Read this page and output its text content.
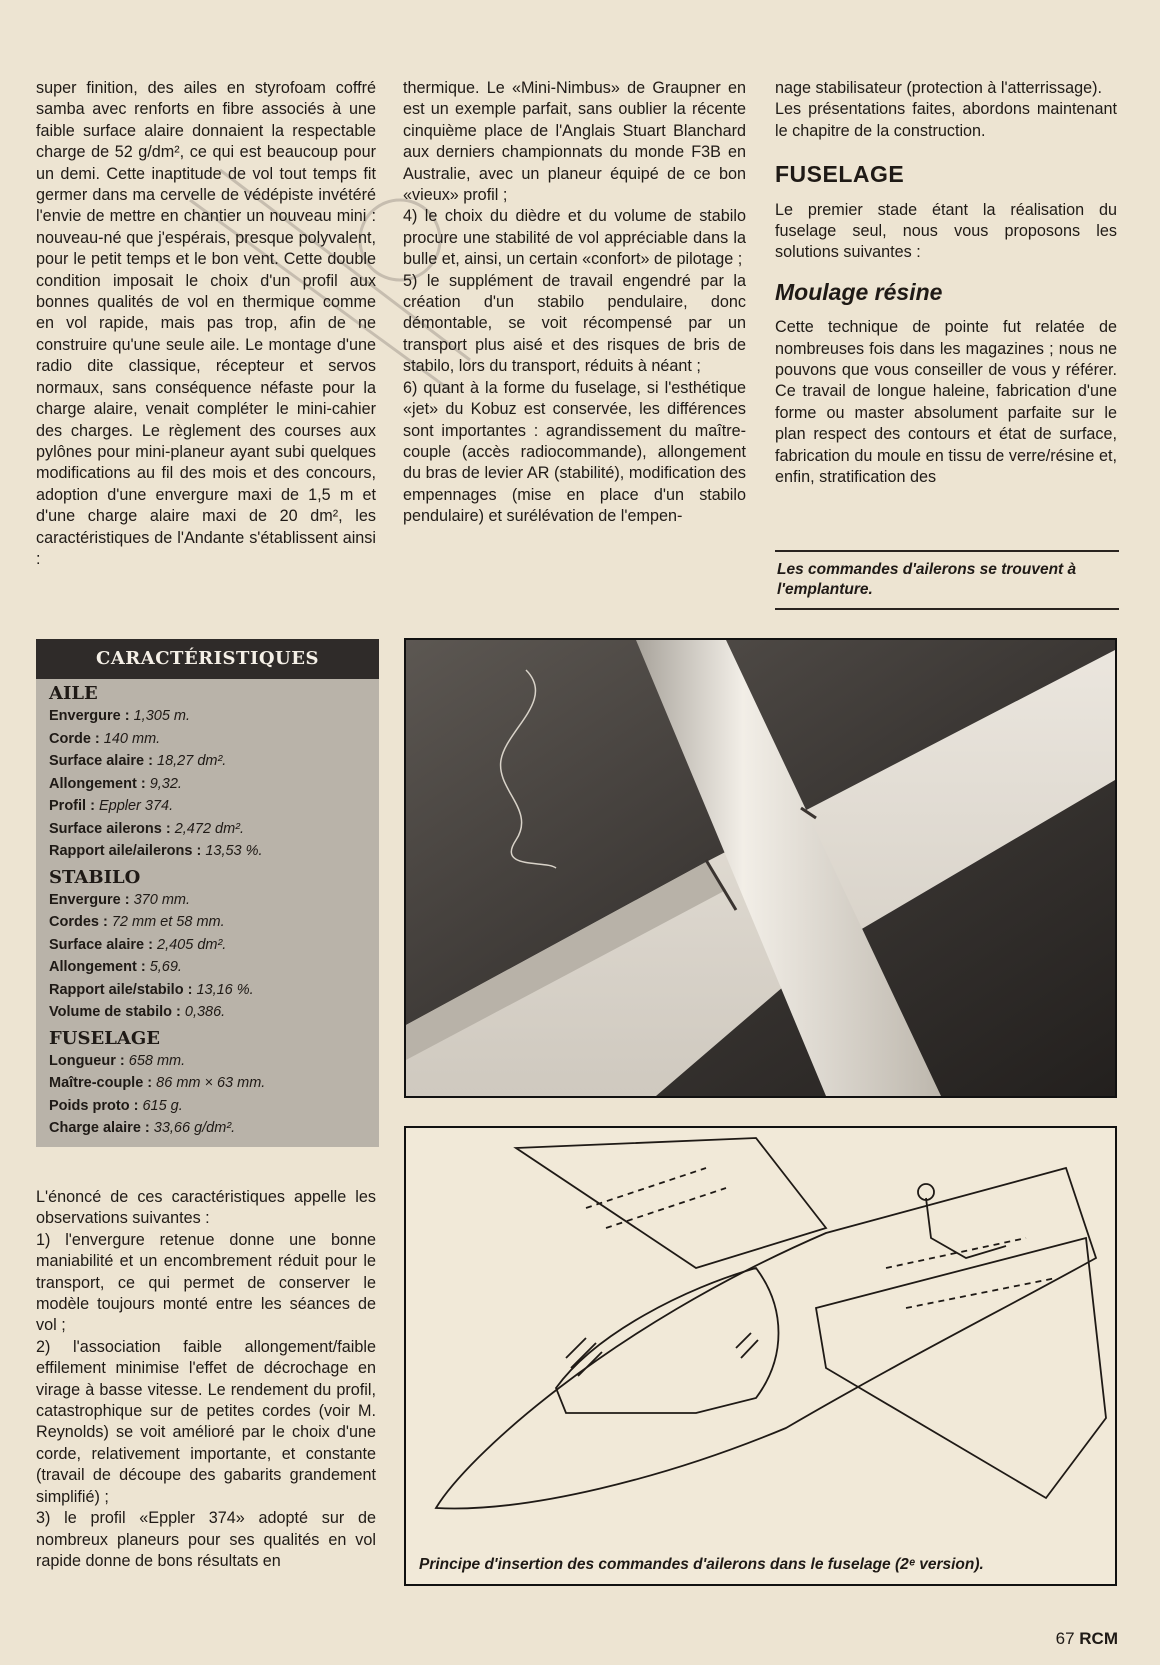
super finition, des ailes en styrofoam coffré samba avec renforts en fibre associés à une faible surface alaire donnaient la respectable charge de 52 g/dm², ce qui est beaucoup pour un demi. Cette inaptitude de vol tout temps fit germer dans ma cervelle de védépiste invétéré l'envie de mettre en chantier un nouveau mini : nouveau-né que j'espérais, presque polyvalent, pour le petit temps et le bon vent. Cette double condition imposait le choix d'un profil aux bonnes qualités de vol en thermique comme en vol rapide, mais pas trop, afin de ne construire qu'une seule aile. Le montage d'une radio dite classique, récepteur et servos normaux, sans conséquence néfaste pour la charge alaire, venait compléter le mini-cahier des charges. Le règlement des courses aux pylônes pour mini-planeur ayant subi quelques modifications au fil des mois et des concours, adoption d'une envergure maxi de 1,5 m et d'une charge alaire maxi de 20 dm², les caractéristiques de l'Andante s'établissent ainsi :

thermique. Le «Mini-Nimbus» de Graupner en est un exemple parfait, sans oublier la récente cinquième place de l'Anglais Stuart Blanchard aux derniers championnats du monde F3B en Australie, avec un planeur équipé de ce bon «vieux» profil ;

4) le choix du dièdre et du volume de stabilo procure une stabilité de vol appréciable dans la bulle et, ainsi, un certain «confort» de pilotage ;

5) le supplément de travail engendré par la création d'un stabilo pendulaire, donc démontable, se voit récompensé par un transport plus aisé et des risques de bris de stabilo, lors du transport, réduits à néant ;

6) quant à la forme du fuselage, si l'esthétique «jet» du Kobuz est conservée, les différences sont importantes : agrandissement du maître-couple (accès radiocommande), allongement du bras de levier AR (stabilité), modification des empennages (mise en place d'un stabilo pendulaire) et surélévation de l'empen-

nage stabilisateur (protection à l'atterrissage).

Les présentations faites, abordons maintenant le chapitre de la construction.

FUSELAGE

Le premier stade étant la réalisation du fuselage seul, nous vous proposons les solutions suivantes :

Moulage résine

Cette technique de pointe fut relatée de nombreuses fois dans les magazines ; nous ne pouvons que vous conseiller de vous y référer. Ce travail de longue haleine, fabrication d'une forme ou master absolument parfaite sur le plan respect des contours et état de surface, fabrication du moule en tissu de verre/résine et, enfin, stratification des

Les commandes d'ailerons se trouvent à l'emplanture.
CARACTÉRISTIQUES
AILE
Envergure : 1,305 m.
Corde : 140 mm.
Surface alaire : 18,27 dm².
Allongement : 9,32.
Profil : Eppler 374.
Surface ailerons : 2,472 dm².
Rapport aile/ailerons : 13,53 %.
STABILO
Envergure : 370 mm.
Cordes : 72 mm et 58 mm.
Surface alaire : 2,405 dm².
Allongement : 5,69.
Rapport aile/stabilo : 13,16 %.
Volume de stabilo : 0,386.
FUSELAGE
Longueur : 658 mm.
Maître-couple : 86 mm × 63 mm.
Poids proto : 615 g.
Charge alaire : 33,66 g/dm².

L'énoncé de ces caractéristiques appelle les observations suivantes :

1) l'envergure retenue donne une bonne maniabilité et un encombrement réduit pour le transport, ce qui permet de conserver le modèle toujours monté entre les séances de vol ;

2) l'association faible allongement/faible effilement minimise l'effet de décrochage en virage à basse vitesse. Le rendement du profil, catastrophique sur de petites cordes (voir M. Reynolds) se voit amélioré par le choix d'une corde, relativement importante, et constante (travail de découpe des gabarits grandement simplifié) ;

3) le profil «Eppler 374» adopté sur de nombreux planeurs pour ses qualités en vol rapide donne de bons résultats en	Principe d'insertion des commandes d'ailerons dans le fuselage (2ᵉ version).
67 RCM
